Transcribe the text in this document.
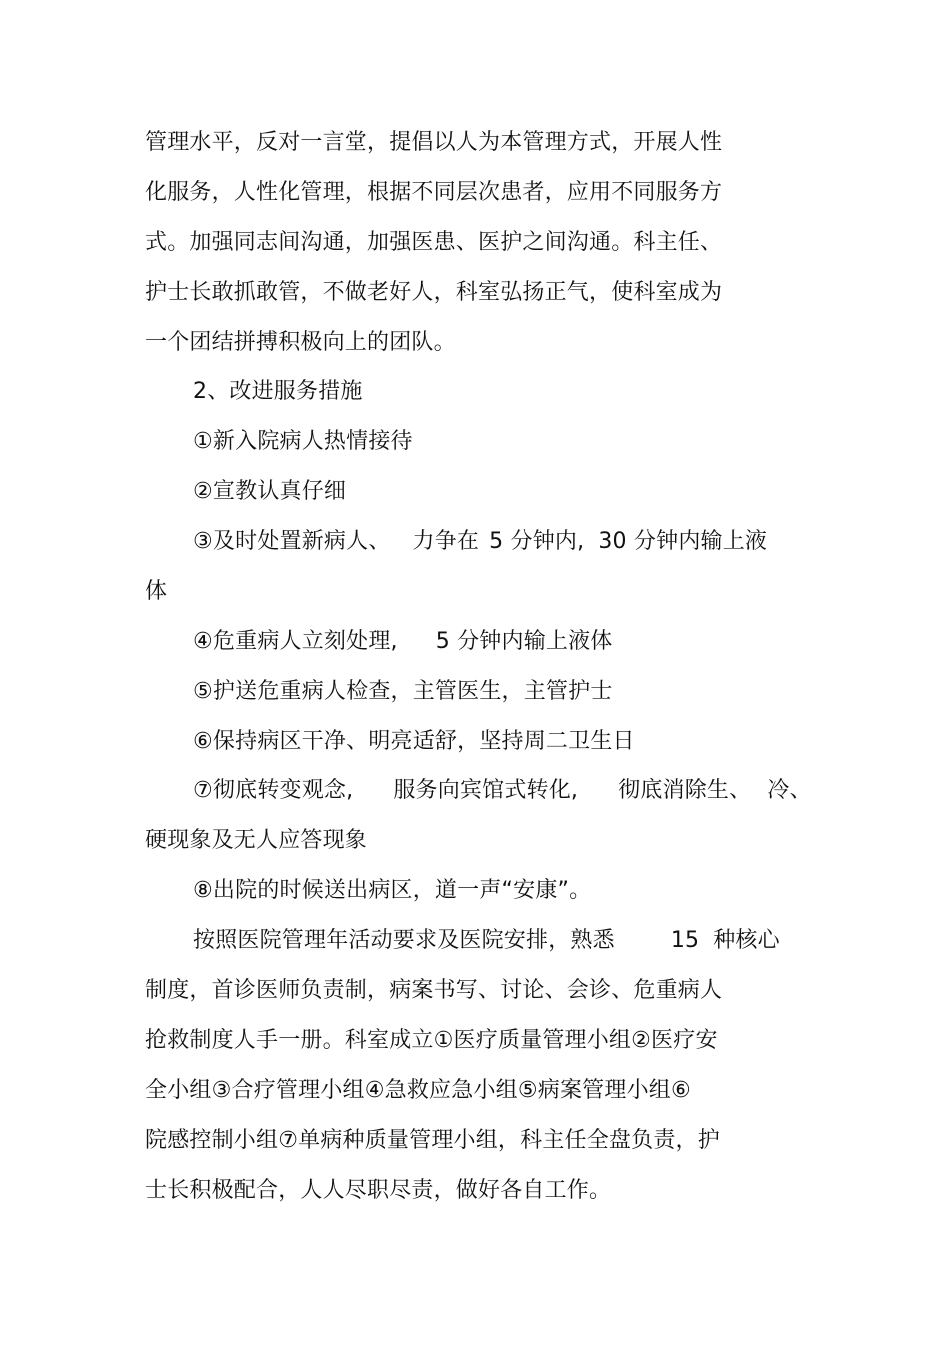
管理水平，反对一言堂，提倡以人为本管理方式，开展人性

化服务，人性化管理，根据不同层次患者，应用不同服务方

式。加强同志间沟通，加强医患、医护之间沟通。科主任、

护士长敢抓敢管，不做老好人，科室弘扬正气，使科室成为

一个团结拼搏积极向上的团队。

2、改进服务措施

①新入院病人热情接待

②宣教认真仔细

③及时处置新病人、 力争在 5 分钟内, 30 分钟内输上液

体

④危重病人立刻处理, 5 分钟内输上液体

⑤护送危重病人检查，主管医生，主管护士

⑥保持病区干净、明亮适舒，坚持周二卫生日

⑦彻底转变观念, 服务向宾馆式转化, 彻底消除生、 冷、

硬现象及无人应答现象

⑧出院的时候送出病区，道一声“安康”。

按照医院管理年活动要求及医院安排，熟悉	15 种核心

制度，首诊医师负责制，病案书写、讨论、会诊、危重病人

抢救制度人手一册。科室成立①医疗质量管理小组②医疗安

全小组③合疗管理小组④急救应急小组⑤病案管理小组⑥

院感控制小组⑦单病种质量管理小组，科主任全盘负责，护

士长积极配合，人人尽职尽责，做好各自工作。
